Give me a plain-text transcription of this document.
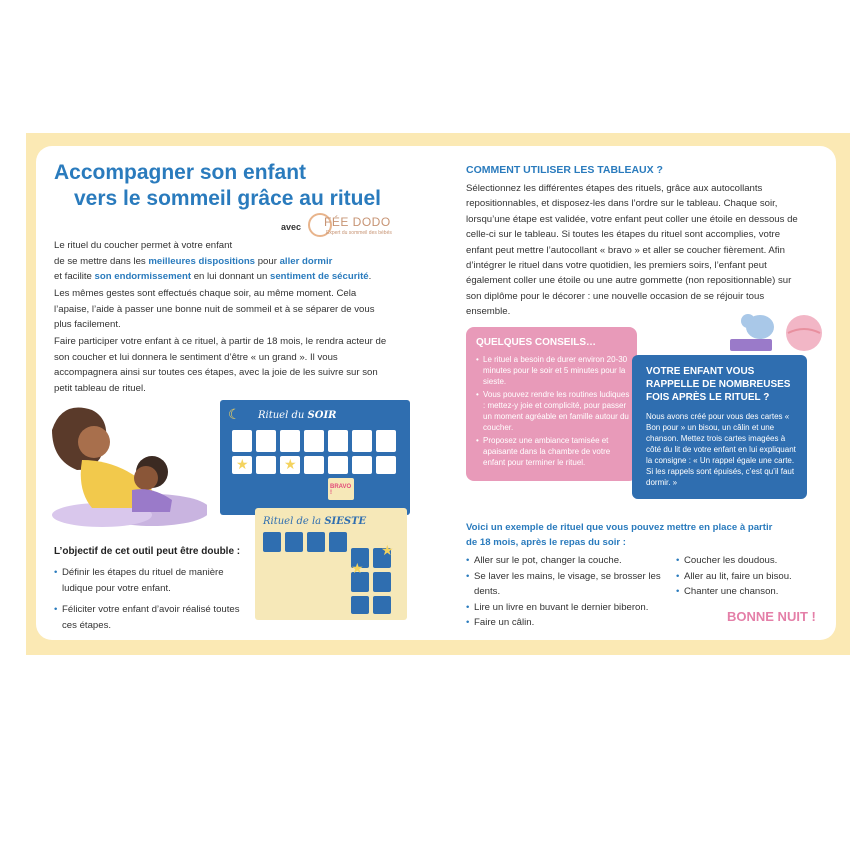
Accompagner son enfant
vers le sommeil grâce au rituel
avec FÉE DODO
Expert du sommeil des bébés

Le rituel du coucher permet à votre enfant
de se mettre dans les meilleures dispositions pour aller dormir
et facilite son endormissement en lui donnant un sentiment de sécurité.

Les mêmes gestes sont effectués chaque soir, au même moment. Cela l’apaise, l’aide à passer une bonne nuit de sommeil et à se séparer de vous plus facilement.

Faire participer votre enfant à ce rituel, à partir de 18 mois, le rendra acteur de son coucher et lui donnera le sentiment d’être « un grand ». Il vous accompagnera ainsi sur toutes ces étapes, avec la joie de les suivre sur son petit tableau de rituel.

Rituel du SOIR
☾
★	★
BRAVO !
Rituel de la SIESTE
★
★

L’objectif de cet outil peut être double :

• Définir les étapes du rituel de manière ludique pour votre enfant.
• Féliciter votre enfant d’avoir réalisé toutes ces étapes.

COMMENT UTILISER LES TABLEAUX ?

Sélectionnez les différentes étapes des rituels, grâce aux autocollants repositionnables, et disposez-les dans l’ordre sur le tableau. Chaque soir, lorsqu’une étape est validée, votre enfant peut coller une étoile en dessous de celle-ci sur le tableau. Si toutes les étapes du rituel sont accomplies, votre enfant peut mettre l’autocollant « bravo » et aller se coucher fièrement. Afin d’intégrer le rituel dans votre quotidien, les premiers soirs, l’enfant peut également coller une étoile ou une autre gommette (non repositionnable) sur son diplôme pour le décorer : une nouvelle occasion de se réjouir tous ensemble.

QUELQUES CONSEILS…

• Le rituel a besoin de durer environ 20-30 minutes pour le soir et 5 minutes pour la sieste.
• Vous pouvez rendre les routines ludiques : mettez-y joie et complicité, pour passer un moment agréable en famille autour du coucher.
• Proposez une ambiance tamisée et apaisante dans la chambre de votre enfant pour terminer le rituel.

VOTRE ENFANT VOUS RAPPELLE DE NOMBREUSES FOIS APRÈS LE RITUEL ?

Nous avons créé pour vous des cartes « Bon pour » un bisou, un câlin et une chanson. Mettez trois cartes imagées à côté du lit de votre enfant en lui expliquant la consigne : « Un rappel égale une carte. Si les rappels sont épuisés, c’est qu’il faut dormir. »

Voici un exemple de rituel que vous pouvez mettre en place à partir de 18 mois, après le repas du soir :

• Aller sur le pot, changer la couche.
• Se laver les mains, le visage, se brosser les dents.
• Lire un livre en buvant le dernier biberon.
• Faire un câlin.
• Coucher les doudous.
• Aller au lit, faire un bisou.
• Chanter une chanson.

BONNE NUIT !
